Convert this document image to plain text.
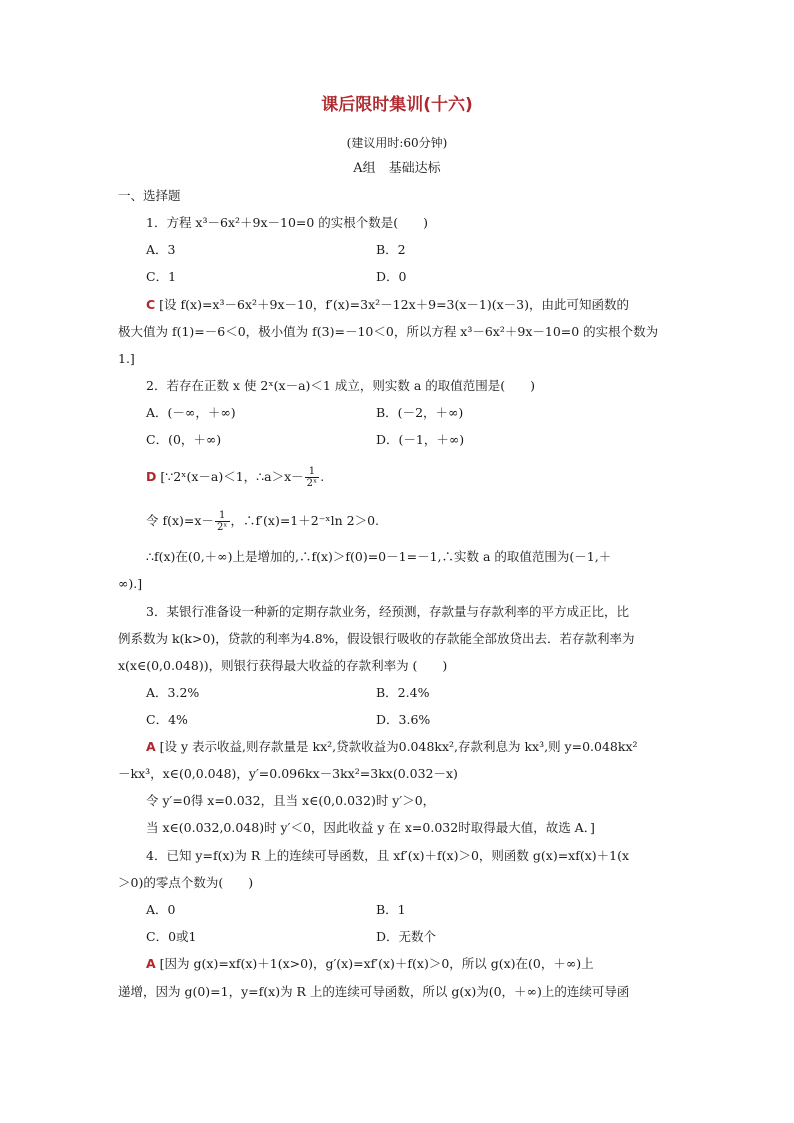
课后限时集训(十六)
(建议用时:60分钟)
A组　基础达标
一、选择题
1．方程 x³－6x²＋9x－10=0 的实根个数是(　　)
A．3	B．2
C．1	D．0
C [设 f(x)=x³－6x²＋9x－10，f′(x)=3x²－12x＋9=3(x－1)(x－3)，由此可知函数的
极大值为 f(1)=－6＜0，极小值为 f(3)=－10＜0，所以方程 x³－6x²＋9x－10=0 的实根个数为
1.]
2．若存在正数 x 使 2ˣ(x－a)＜1 成立，则实数 a 的取值范围是(　　)
A．(－∞，＋∞)	B．(－2，＋∞)
C．(0，＋∞)	D．(－1，＋∞)
D [∵2ˣ(x－a)＜1，∴a＞x－ $\frac{1}{\text{2ˣ}}$ .
令 $f(x)=x- \frac{1}{\text{2ˣ}}$ ，∴f′(x)=1＋2⁻ˣln 2＞0.
∴f(x)在(0,＋∞)上是增加的,∴f(x)＞f(0)=0－1=－1,∴实数 a 的取值范围为(－1,＋
∞).]
3．某银行准备设一种新的定期存款业务，经预测，存款量与存款利率的平方成正比，比
例系数为 k(k>0)，贷款的利率为4.8%，假设银行吸收的存款能全部放贷出去．若存款利率为
x(x∈(0,0.048))，则银行获得最大收益的存款利率为 (　　)
A．3.2%	B．2.4%
C．4%	D．3.6%
A [设 y 表示收益,则存款量是 kx²,贷款收益为0.048kx²,存款利息为 kx³,则 y=0.048kx²
－kx³，x∈(0,0.048)，y′=0.096kx－3kx²=3kx(0.032－x)
令 y′=0得 x=0.032，且当 x∈(0,0.032)时 y′＞0，
当 x∈(0.032,0.048)时 y′＜0，因此收益 y 在 x=0.032时取得最大值，故选 A．]
4．已知 y=f(x)为 R 上的连续可导函数，且 xf′(x)＋f(x)＞0，则函数 g(x)=xf(x)＋1(x
＞0)的零点个数为(　　)
A．0	B．1
C．0或1	D．无数个
A [因为 g(x)=xf(x)＋1(x>0)，g′(x)=xf′(x)＋f(x)＞0，所以 g(x)在(0，＋∞)上
递增，因为 g(0)=1，y=f(x)为 R 上的连续可导函数，所以 g(x)为(0，＋∞)上的连续可导函
